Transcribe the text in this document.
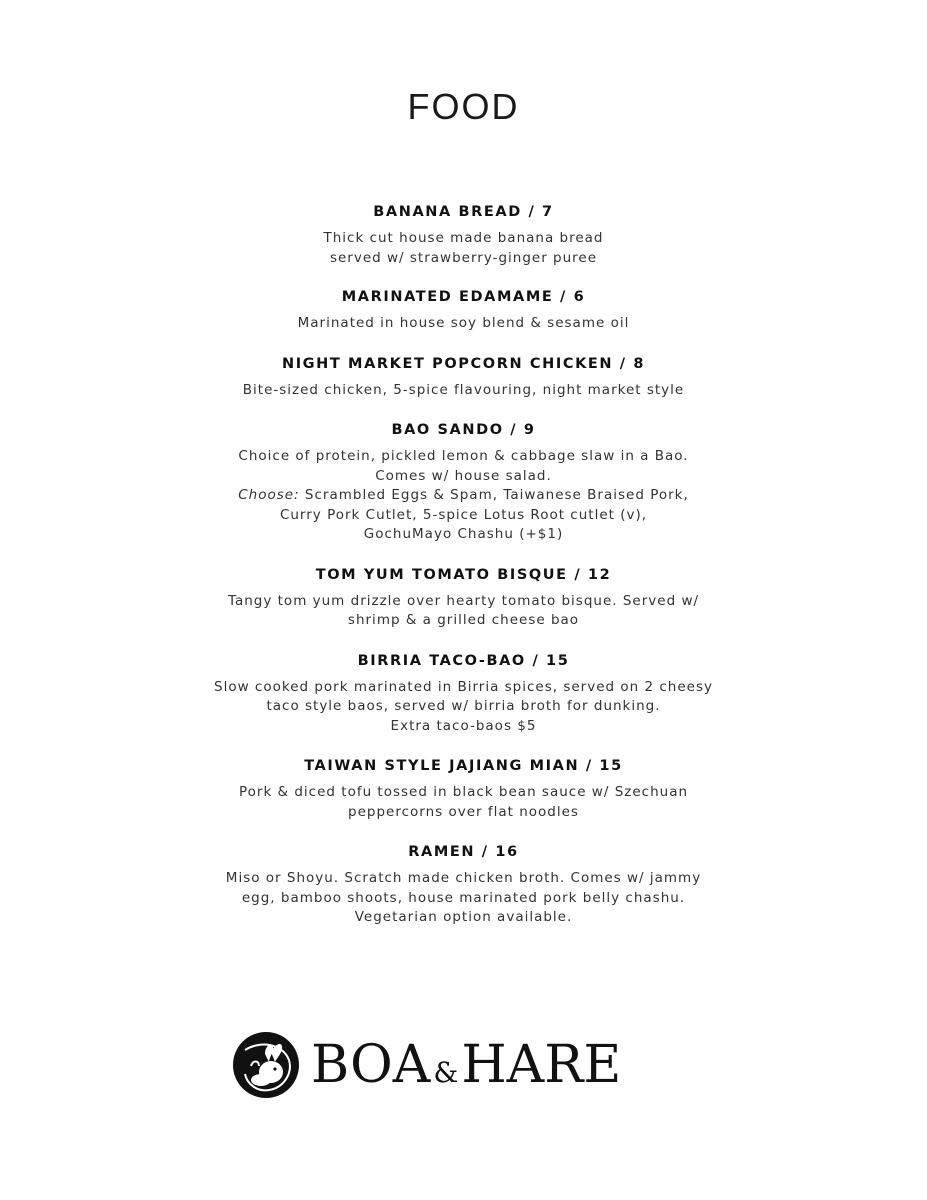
FOOD
BANANA BREAD / 7
Thick cut house made banana bread
served w/ strawberry-ginger puree
MARINATED EDAMAME / 6
Marinated in house soy blend & sesame oil
NIGHT MARKET POPCORN CHICKEN / 8
Bite-sized chicken, 5-spice flavouring, night market style
BAO SANDO / 9
Choice of protein, pickled lemon & cabbage slaw in a Bao.
Comes w/ house salad.
Choose: Scrambled Eggs & Spam, Taiwanese Braised Pork,
Curry Pork Cutlet, 5-spice Lotus Root cutlet (v),
GochuMayo Chashu (+$1)
TOM YUM TOMATO BISQUE / 12
Tangy tom yum drizzle over hearty tomato bisque. Served w/
shrimp & a grilled cheese bao
BIRRIA TACO-BAO / 15
Slow cooked pork marinated in Birria spices, served on 2 cheesy
taco style baos, served w/ birria broth for dunking.
Extra taco-baos $5
TAIWAN STYLE JAJIANG MIAN / 15
Pork & diced tofu tossed in black bean sauce w/ Szechuan
peppercorns over flat noodles
RAMEN / 16
Miso or Shoyu. Scratch made chicken broth. Comes w/ jammy
egg, bamboo shoots, house marinated pork belly chashu.
Vegetarian option available.
BOA & HARE
